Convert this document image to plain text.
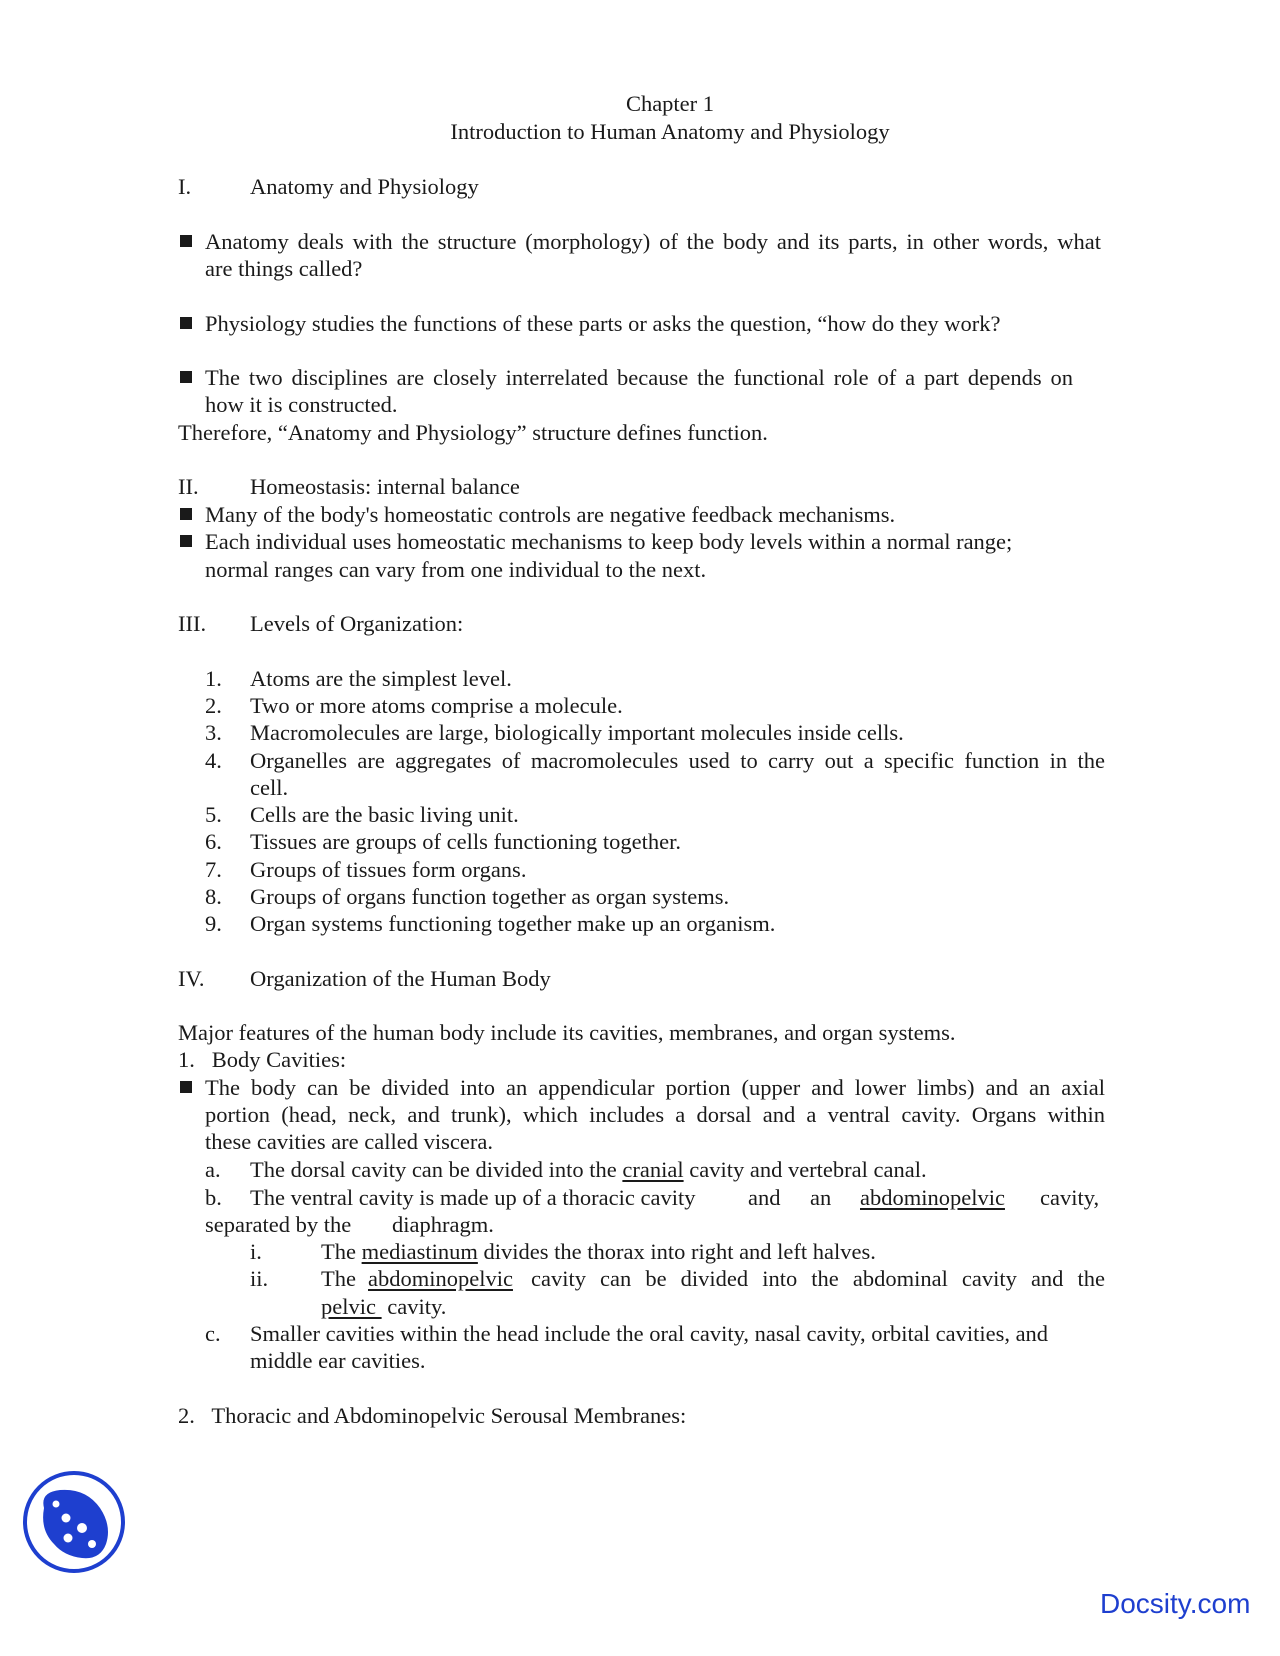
Chapter 1
Introduction to Human Anatomy and Physiology
I.	Anatomy and Physiology
Anatomy deals with the structure (morphology) of the body and its parts, in other words, what
are things called?
Physiology studies the functions of these parts or asks the question, “how do they work?
The two disciplines are closely interrelated because the functional role of a part depends on
how it is constructed.
Therefore, “Anatomy and Physiology” structure defines function.
II. Homeostasis: internal balance
Many of the body's homeostatic controls are negative feedback mechanisms.
Each individual uses homeostatic mechanisms to keep body levels within a normal range;
normal ranges can vary from one individual to the next.
III. Levels of Organization:
1. Atoms are the simplest level.
2. Two or more atoms comprise a molecule.
3. Macromolecules are large, biologically important molecules inside cells.
4. Organelles are aggregates of macromolecules used to carry out a specific function in the
cell.
5. Cells are the basic living unit.
6. Tissues are groups of cells functioning together.
7. Groups of tissues form organs.
8. Groups of organs function together as organ systems.
9. Organ systems functioning together make up an organism.
IV. Organization of the Human Body
Major features of the human body include its cavities, membranes, and organ systems.
1.   Body Cavities:
The body can be divided into an appendicular portion (upper and lower limbs) and an axial
portion (head, neck, and trunk), which includes a dorsal and a ventral cavity. Organs within
these cavities are called viscera.
a. The dorsal cavity can be divided into the cranial cavity and vertebral canal.
b. The ventral cavity is made up of a thoracic cavity and an abdominopelvic cavity,
separated by the diaphragm.
i.	The mediastinum divides the thorax into right and left halves.
ii. The abdominopelvic cavity can be divided into the abdominal cavity and the
pelvic  cavity.
c. Smaller cavities within the head include the oral cavity, nasal cavity, orbital cavities, and
middle ear cavities.
2.   Thoracic and Abdominopelvic Serousal Membranes:
Docsity.com
